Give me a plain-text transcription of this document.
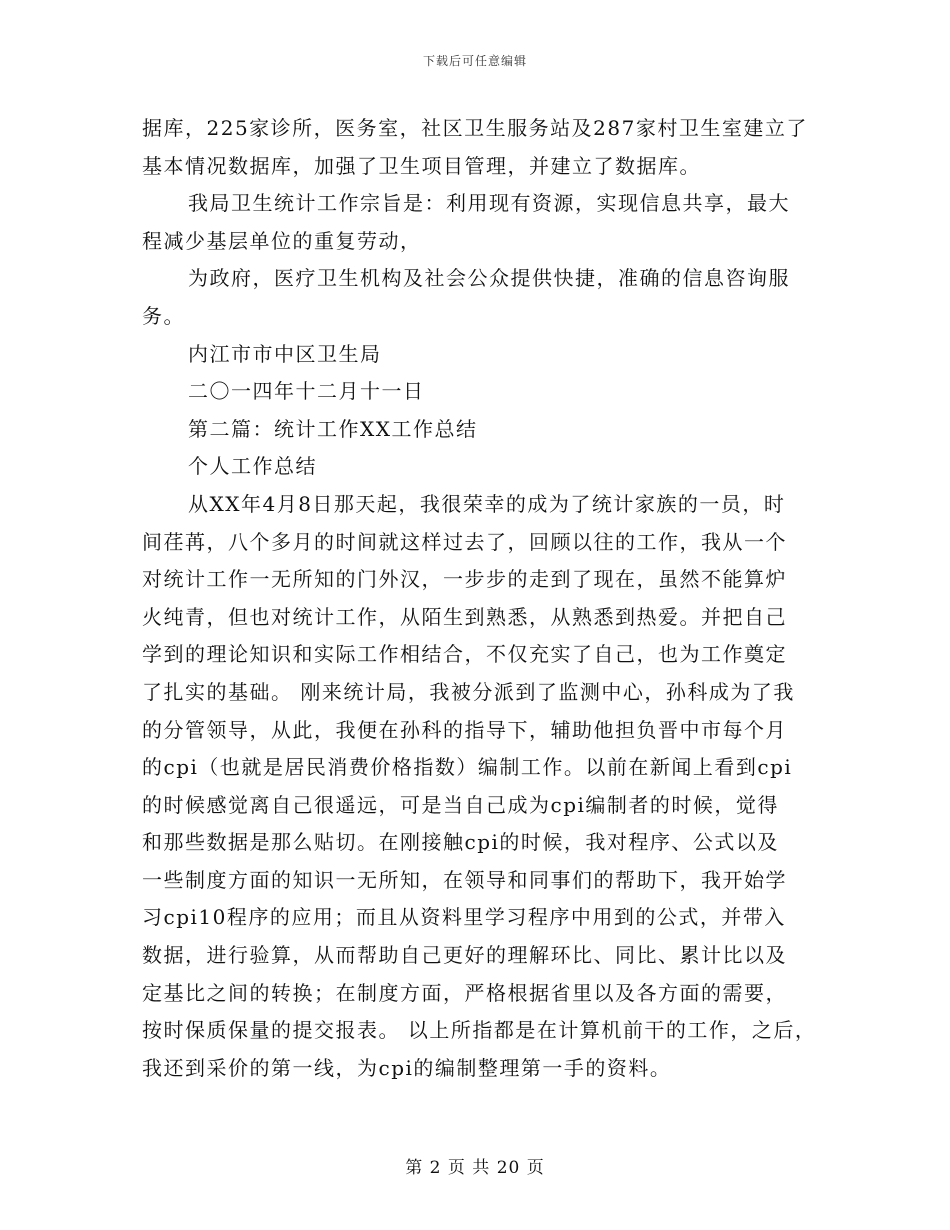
下载后可任意编辑
据库，225家诊所，医务室，社区卫生服务站及287家村卫生室建立了
基本情况数据库，加强了卫生项目管理，并建立了数据库。
我局卫生统计工作宗旨是：利用现有资源，实现信息共享，最大
程减少基层单位的重复劳动，
为政府，医疗卫生机构及社会公众提供快捷，准确的信息咨询服
务。
内江市市中区卫生局
二〇一四年十二月十一日
第二篇：统计工作XX工作总结
个人工作总结
从XX年4月8日那天起，我很荣幸的成为了统计家族的一员，时
间荏苒，八个多月的时间就这样过去了，回顾以往的工作，我从一个
对统计工作一无所知的门外汉，一步步的走到了现在，虽然不能算炉
火纯青，但也对统计工作，从陌生到熟悉，从熟悉到热爱。并把自己
学到的理论知识和实际工作相结合，不仅充实了自己，也为工作奠定
了扎实的基础。 刚来统计局，我被分派到了监测中心，孙科成为了我
的分管领导，从此，我便在孙科的指导下，辅助他担负晋中市每个月
的cpi（也就是居民消费价格指数）编制工作。以前在新闻上看到cpi
的时候感觉离自己很遥远，可是当自己成为cpi编制者的时候，觉得
和那些数据是那么贴切。在刚接触cpi的时候，我对程序、公式以及
一些制度方面的知识一无所知，在领导和同事们的帮助下，我开始学
习cpi10程序的应用；而且从资料里学习程序中用到的公式，并带入
数据，进行验算，从而帮助自己更好的理解环比、同比、累计比以及
定基比之间的转换；在制度方面，严格根据省里以及各方面的需要，
按时保质保量的提交报表。 以上所指都是在计算机前干的工作，之后，
我还到采价的第一线，为cpi的编制整理第一手的资料。
第 2 页 共 20 页
